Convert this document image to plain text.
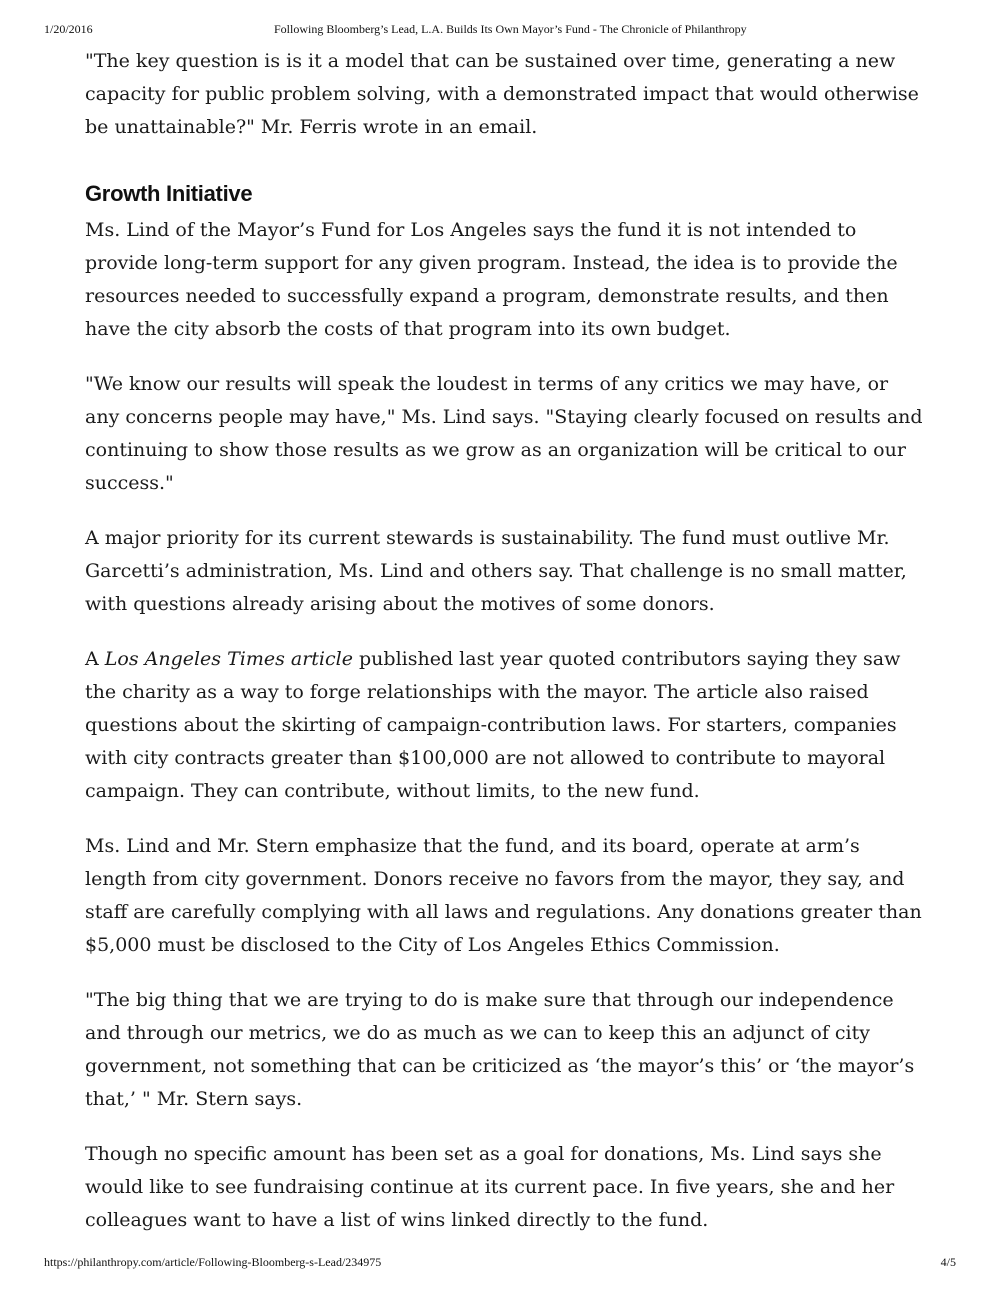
1/20/2016	Following Bloomberg’s Lead, L.A. Builds Its Own Mayor’s Fund - The Chronicle of Philanthropy

"The key question is is it a model that can be sustained over time, generating a new capacity for public problem solving, with a demonstrated impact that would otherwise be unattainable?" Mr. Ferris wrote in an email.

Growth Initiative

Ms. Lind of the Mayor’s Fund for Los Angeles says the fund it is not intended to provide long-term support for any given program. Instead, the idea is to provide the resources needed to successfully expand a program, demonstrate results, and then have the city absorb the costs of that program into its own budget.

"We know our results will speak the loudest in terms of any critics we may have, or any concerns people may have," Ms. Lind says. "Staying clearly focused on results and continuing to show those results as we grow as an organization will be critical to our success."

A major priority for its current stewards is sustainability. The fund must outlive Mr. Garcetti’s administration, Ms. Lind and others say. That challenge is no small matter, with questions already arising about the motives of some donors.

A Los Angeles Times article published last year quoted contributors saying they saw the charity as a way to forge relationships with the mayor. The article also raised questions about the skirting of campaign-contribution laws. For starters, companies with city contracts greater than $100,000 are not allowed to contribute to mayoral campaign. They can contribute, without limits, to the new fund.

Ms. Lind and Mr. Stern emphasize that the fund, and its board, operate at arm’s length from city government. Donors receive no favors from the mayor, they say, and staff are carefully complying with all laws and regulations. Any donations greater than $5,000 must be disclosed to the City of Los Angeles Ethics Commission.

"The big thing that we are trying to do is make sure that through our independence and through our metrics, we do as much as we can to keep this an adjunct of city government, not something that can be criticized as ‘the mayor’s this’ or ‘the mayor’s that,’ " Mr. Stern says.

Though no specific amount has been set as a goal for donations, Ms. Lind says she would like to see fundraising continue at its current pace. In five years, she and her colleagues want to have a list of wins linked directly to the fund.

https://philanthropy.com/article/Following-Bloomberg-s-Lead/234975	4/5
